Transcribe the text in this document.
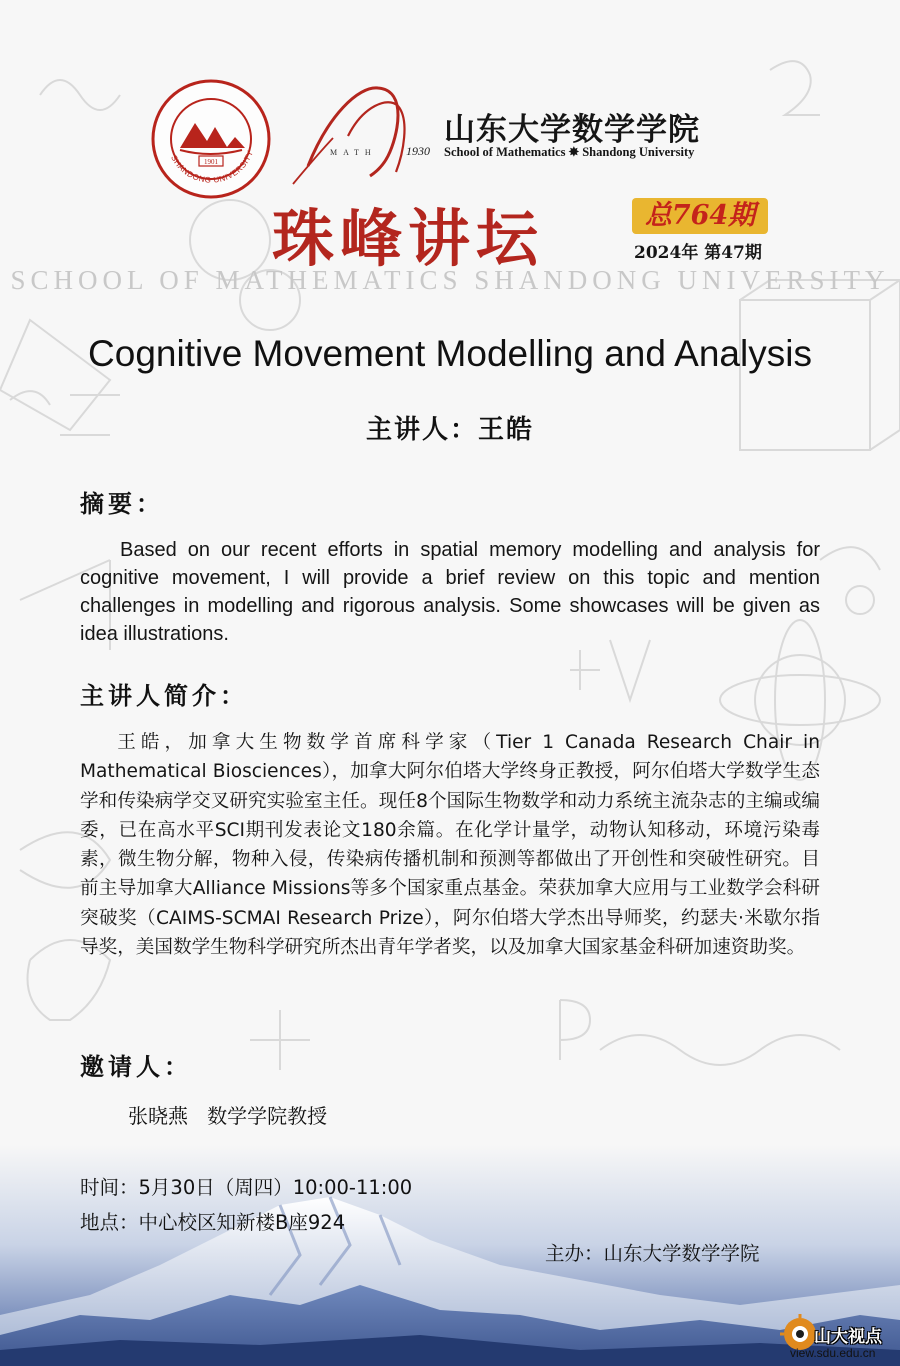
1901
SHANDONG UNIVERSITY	MATH 1930
山东大学数学学院
School of Mathematics ✸ Shandong University
珠峰讲坛	总764期
2024年 第47期
SCHOOL OF MATHEMATICS SHANDONG UNIVERSITY
Cognitive Movement Modelling and Analysis
主讲人：王皓
摘要：
Based on our recent efforts in spatial memory modelling and analysis for cognitive movement, I will provide a brief review on this topic and mention challenges in modelling and rigorous analysis. Some showcases will be given as idea illustrations.
主讲人简介：
王皓，加拿大生物数学首席科学家（Tier 1 Canada Research Chair in Mathematical Biosciences），加拿大阿尔伯塔大学终身正教授，阿尔伯塔大学数学生态学和传染病学交叉研究实验室主任。现任8个国际生物数学和动力系统主流杂志的主编或编委，已在高水平SCI期刊发表论文180余篇。在化学计量学，动物认知移动，环境污染毒素，微生物分解，物种入侵，传染病传播机制和预测等都做出了开创性和突破性研究。目前主导加拿大Alliance Missions等多个国家重点基金。荣获加拿大应用与工业数学会科研突破奖（CAIMS-SCMAI Research Prize），阿尔伯塔大学杰出导师奖，约瑟夫·米歇尔指导奖，美国数学生物科学研究所杰出青年学者奖，以及加拿大国家基金科研加速资助奖。
邀请人：
张晓燕   数学学院教授
时间：5月30日（周四）10:00-11:00
地点：中心校区知新楼B座924
主办：山东大学数学学院
山大视点
view.sdu.edu.cn
